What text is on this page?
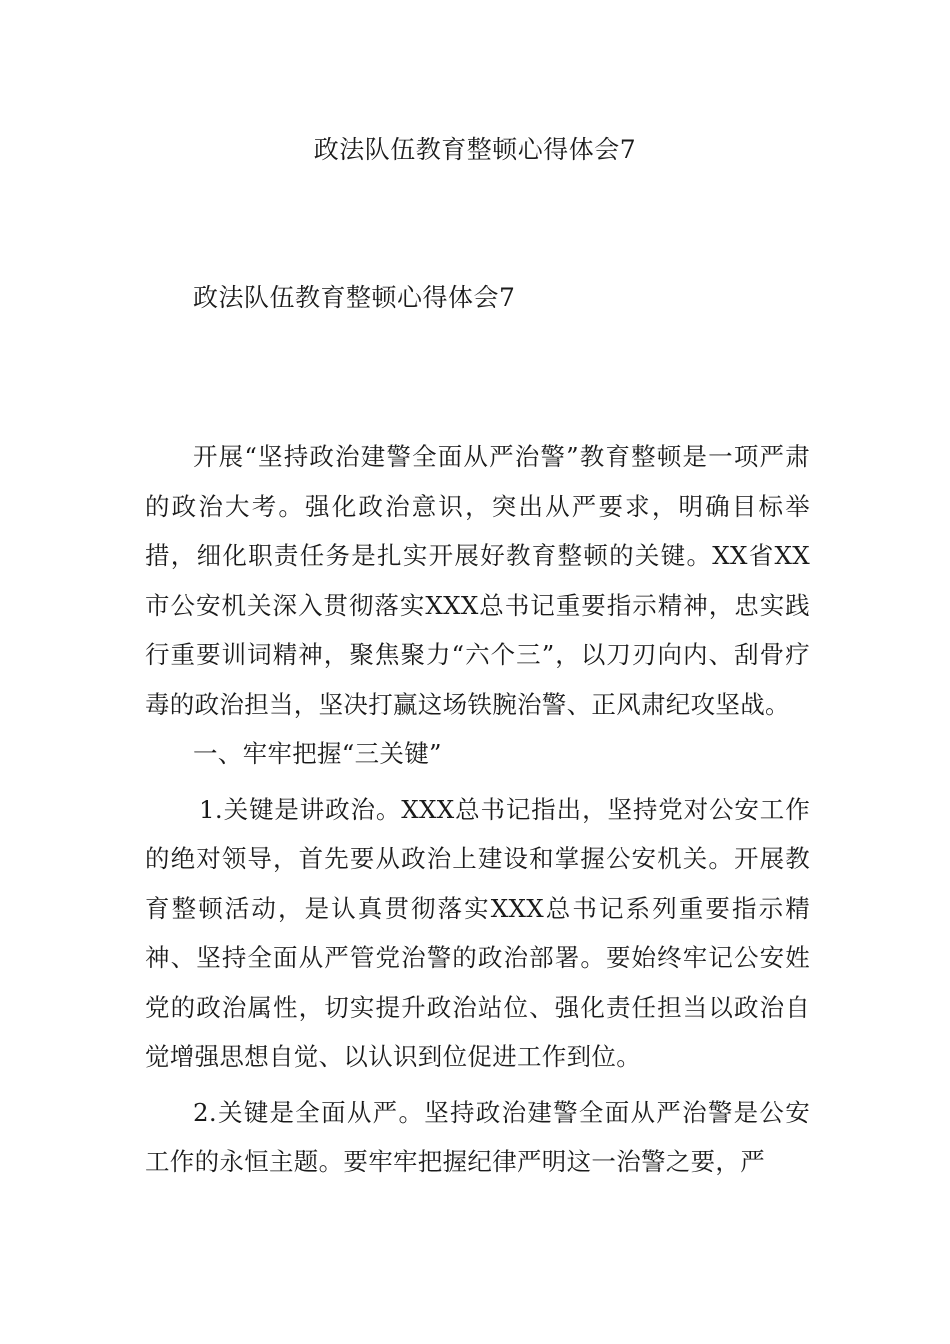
政法队伍教育整顿心得体会7
政法队伍教育整顿心得体会7

开展“坚持政治建警全面从严治警”教育整顿是一项严肃的政治大考。强化政治意识，突出从严要求，明确目标举措，细化职责任务是扎实开展好教育整顿的关键。XX省XX市公安机关深入贯彻落实XXX总书记重要指示精神，忠实践行重要训词精神，聚焦聚力“六个三”，以刀刃向内、刮骨疗毒的政治担当，坚决打赢这场铁腕治警、正风肃纪攻坚战。

一、牢牢把握“三关键”

1.关键是讲政治。XXX总书记指出，坚持党对公安工作的绝对领导，首先要从政治上建设和掌握公安机关。开展教育整顿活动，是认真贯彻落实XXX总书记系列重要指示精神、坚持全面从严管党治警的政治部署。要始终牢记公安姓党的政治属性，切实提升政治站位、强化责任担当以政治自觉增强思想自觉、以认识到位促进工作到位。

2.关键是全面从严。坚持政治建警全面从严治警是公安工作的永恒主题。要牢牢把握纪律严明这一治警之要，严
